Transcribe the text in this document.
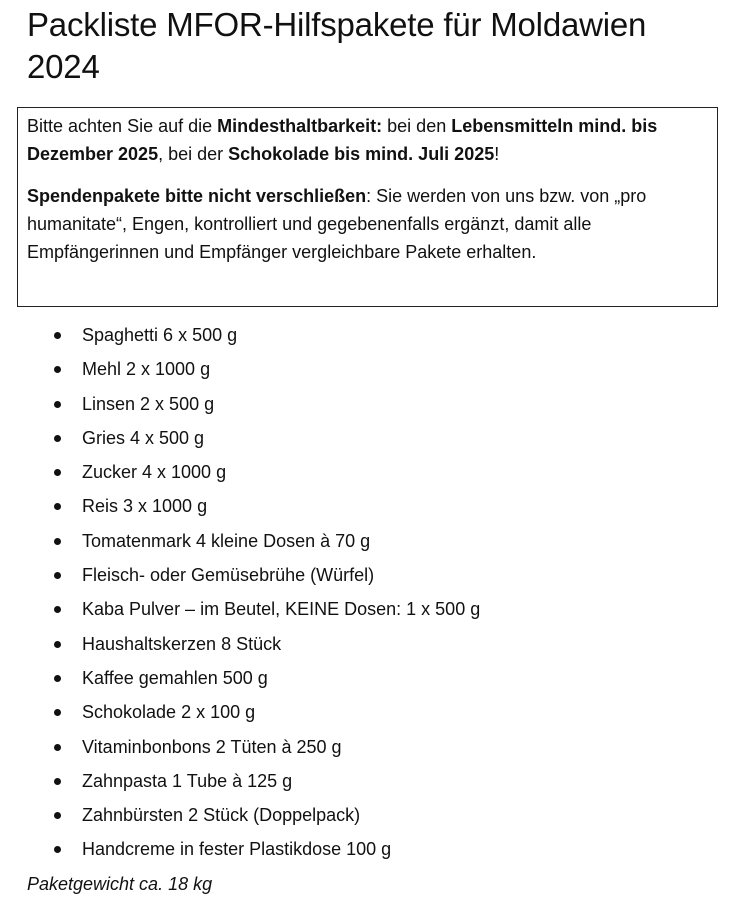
Packliste MFOR-Hilfspakete für Moldawien
2024

Bitte achten Sie auf die Mindesthaltbarkeit: bei den Lebensmitteln mind. bis Dezember 2025, bei der Schokolade bis mind. Juli 2025!

Spendenpakete bitte nicht verschließen: Sie werden von uns bzw. von „pro humanitate“, Engen, kontrolliert und gegebenenfalls ergänzt, damit alle Empfängerinnen und Empfänger vergleichbare Pakete erhalten.

Spaghetti 6 x 500 g
Mehl 2 x 1000 g
Linsen 2 x 500 g
Gries 4 x 500 g
Zucker 4 x 1000 g
Reis 3 x 1000 g
Tomatenmark 4 kleine Dosen à 70 g
Fleisch- oder Gemüsebrühe (Würfel)
Kaba Pulver – im Beutel, KEINE Dosen: 1 x 500 g
Haushaltskerzen 8 Stück
Kaffee gemahlen 500 g
Schokolade 2 x 100 g
Vitaminbonbons 2 Tüten à 250 g
Zahnpasta 1 Tube à 125 g
Zahnbürsten 2 Stück (Doppelpack)
Handcreme in fester Plastikdose 100 g
Paketgewicht ca. 18 kg
